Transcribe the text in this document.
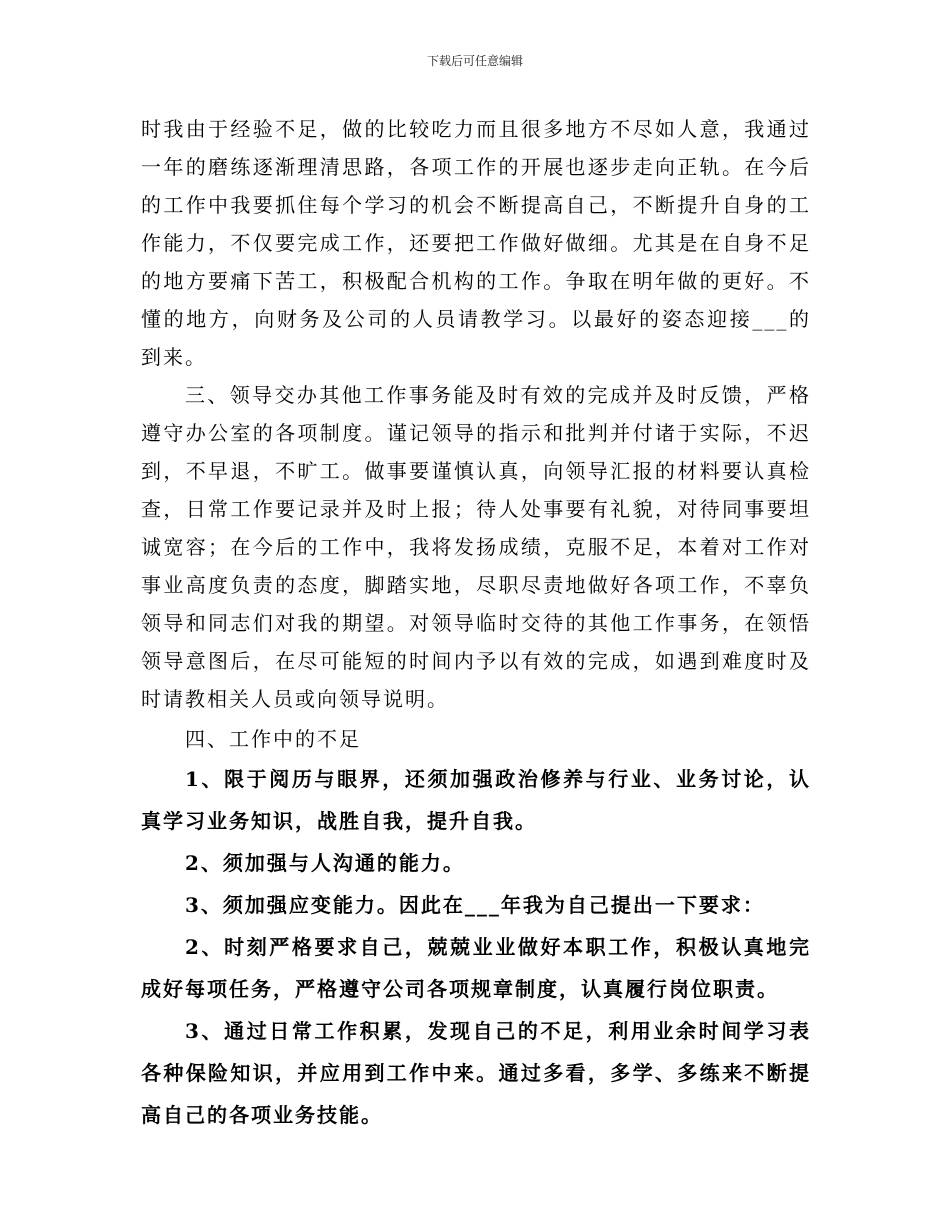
下载后可任意编辑

时我由于经验不足，做的比较吃力而且很多地方不尽如人意，我通过一年的磨练逐渐理清思路，各项工作的开展也逐步走向正轨。在今后的工作中我要抓住每个学习的机会不断提高自己，不断提升自身的工作能力，不仅要完成工作，还要把工作做好做细。尤其是在自身不足的地方要痛下苦工，积极配合机构的工作。争取在明年做的更好。不懂的地方，向财务及公司的人员请教学习。以最好的姿态迎接___的到来。

三、领导交办其他工作事务能及时有效的完成并及时反馈，严格遵守办公室的各项制度。谨记领导的指示和批判并付诸于实际，不迟到，不早退，不旷工。做事要谨慎认真，向领导汇报的材料要认真检查，日常工作要记录并及时上报；待人处事要有礼貌，对待同事要坦诚宽容；在今后的工作中，我将发扬成绩，克服不足，本着对工作对事业高度负责的态度，脚踏实地，尽职尽责地做好各项工作，不辜负领导和同志们对我的期望。对领导临时交待的其他工作事务，在领悟领导意图后，在尽可能短的时间内予以有效的完成，如遇到难度时及时请教相关人员或向领导说明。

四、工作中的不足

1、限于阅历与眼界，还须加强政治修养与行业、业务讨论，认真学习业务知识，战胜自我，提升自我。

2、须加强与人沟通的能力。

3、须加强应变能力。因此在___年我为自己提出一下要求：

2、时刻严格要求自己，兢兢业业做好本职工作，积极认真地完成好每项任务，严格遵守公司各项规章制度，认真履行岗位职责。

3、通过日常工作积累，发现自己的不足，利用业余时间学习表各种保险知识，并应用到工作中来。通过多看，多学、多练来不断提高自己的各项业务技能。
